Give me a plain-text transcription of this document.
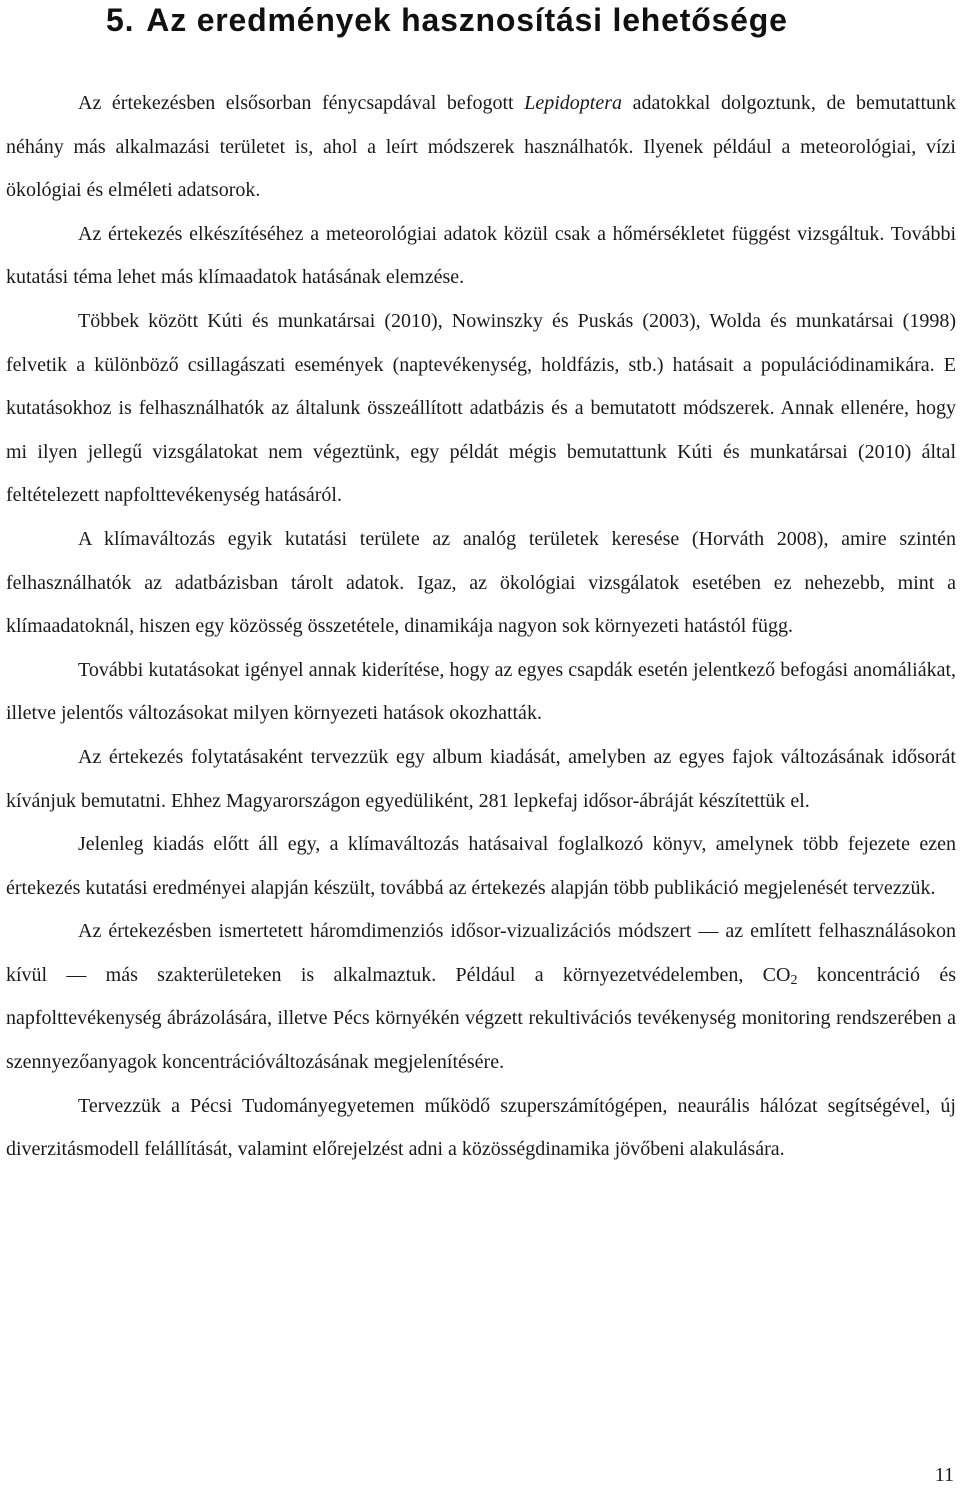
5. Az eredmények hasznosítási lehetősége

Az értekezésben elsősorban fénycsapdával befogott Lepidoptera adatokkal dolgoztunk, de bemutattunk néhány más alkalmazási területet is, ahol a leírt módszerek használhatók. Ilyenek például a meteorológiai, vízi ökológiai és elméleti adatsorok.

Az értekezés elkészítéséhez a meteorológiai adatok közül csak a hőmérsékletet függést vizsgáltuk. További kutatási téma lehet más klímaadatok hatásának elemzése.

Többek között Kúti és munkatársai (2010), Nowinszky és Puskás (2003), Wolda és munkatársai (1998) felvetik a különböző csillagászati események (naptevékenység, holdfázis, stb.) hatásait a populációdinamikára. E kutatásokhoz is felhasználhatók az általunk összeállított adatbázis és a bemutatott módszerek. Annak ellenére, hogy mi ilyen jellegű vizsgálatokat nem végeztünk, egy példát mégis bemutattunk Kúti és munkatársai (2010) által feltételezett napfolttevékenység hatásáról.

A klímaváltozás egyik kutatási területe az analóg területek keresése (Horváth 2008), amire szintén felhasználhatók az adatbázisban tárolt adatok. Igaz, az ökológiai vizsgálatok esetében ez nehezebb, mint a klímaadatoknál, hiszen egy közösség összetétele, dinamikája nagyon sok környezeti hatástól függ.

További kutatásokat igényel annak kiderítése, hogy az egyes csapdák esetén jelentkező befogási anomáliákat, illetve jelentős változásokat milyen környezeti hatások okozhatták.

Az értekezés folytatásaként tervezzük egy album kiadását, amelyben az egyes fajok változásának idősorát kívánjuk bemutatni. Ehhez Magyarországon egyedüliként, 281 lepkefaj idősor-ábráját készítettük el.

Jelenleg kiadás előtt áll egy, a klímaváltozás hatásaival foglalkozó könyv, amelynek több fejezete ezen értekezés kutatási eredményei alapján készült, továbbá az értekezés alapján több publikáció megjelenését tervezzük.

Az értekezésben ismertetett háromdimenziós idősor-vizualizációs módszert — az említett felhasználásokon kívül — más szakterületeken is alkalmaztuk. Például a környezetvédelemben, $CO_2$ koncentráció és napfolttevékenység ábrázolására, illetve Pécs környékén végzett rekultivációs tevékenység monitoring rendszerében a szennyezőanyagok koncentrációváltozásának megjelenítésére.

Tervezzük a Pécsi Tudományegyetemen működő szuperszámítógépen, neaurális hálózat segítségével, új diverzitásmodell felállítását, valamint előrejelzést adni a közösségdinamika jövőbeni alakulására.

11
